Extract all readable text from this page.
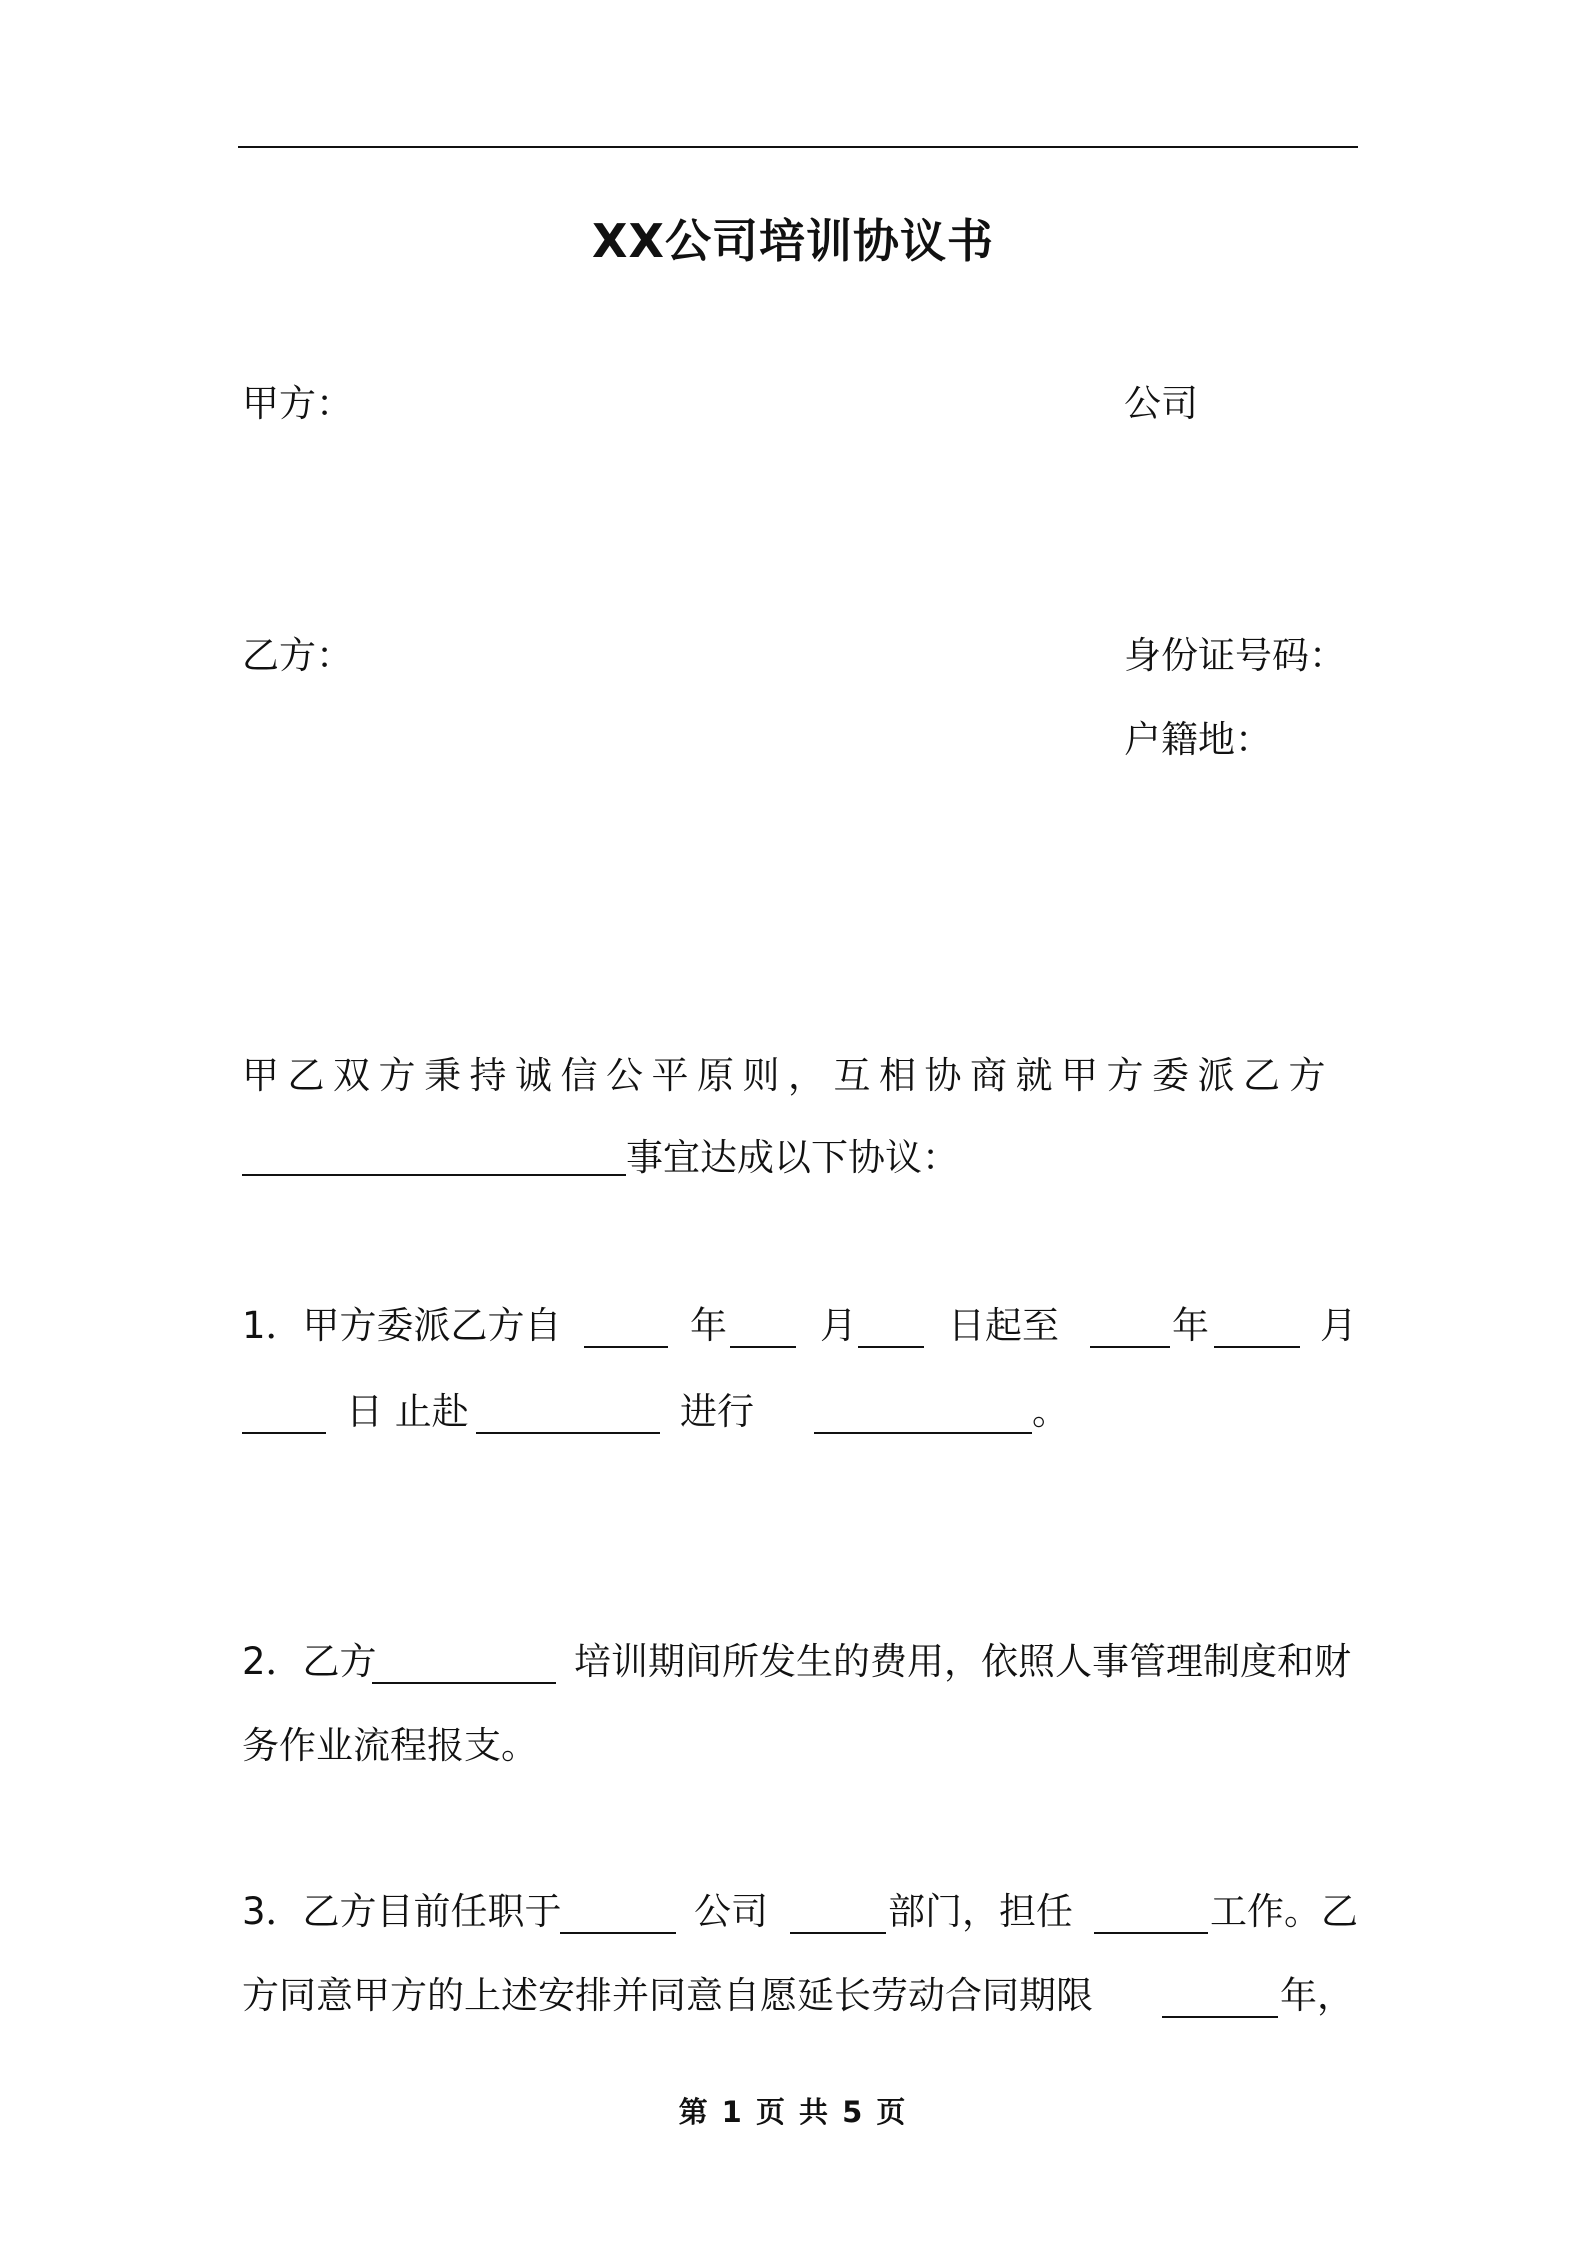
XX公司培训协议书
甲方：	公司
乙方：	身份证号码：
户籍地：
甲乙双方秉持诚信公平原则，互相协商就甲方委派乙方
事宜达成以下协议：
1．甲方委派乙方自	年	月 日起至	年	月
日 止赴	进行	。
2．乙方	培训期间所发生的费用，依照人事管理制度和财
务作业流程报支。
3．乙方目前任职于	公司	部门，担任	工作。乙
方同意甲方的上述安排并同意自愿延长劳动合同期限	年，
第 1 页 共 5 页
